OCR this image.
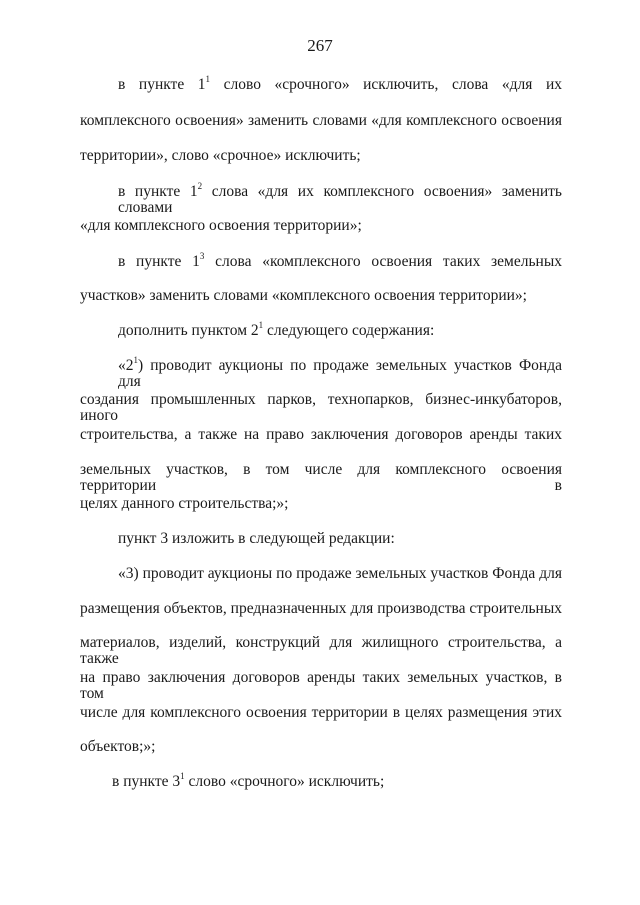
267
в пункте $1^1$ слово «срочного» исключить, слова «для их
комплексного освоения» заменить словами «для комплексного освоения
территории», слово «срочное» исключить;
в пункте $1^2$ слова «для их комплексного освоения» заменить словами
«для комплексного освоения территории»;
в пункте $1^3$ слова «комплексного освоения таких земельных
участков» заменить словами «комплексного освоения территории»;
дополнить пунктом $2^1$ следующего содержания:
«$2^1$) проводит аукционы по продаже земельных участков Фонда для
создания промышленных парков, технопарков, бизнес-инкубаторов, иного
строительства, а также на право заключения договоров аренды таких
земельных участков, в том числе для комплексного освоения территории в
целях данного строительства;»;
пункт 3 изложить в следующей редакции:
«3) проводит аукционы по продаже земельных участков Фонда для
размещения объектов, предназначенных для производства строительных
материалов, изделий, конструкций для жилищного строительства, а также
на право заключения договоров аренды таких земельных участков, в том
числе для комплексного освоения территории в целях размещения этих
объектов;»;
в пункте $3^1$ слово «срочного» исключить;
